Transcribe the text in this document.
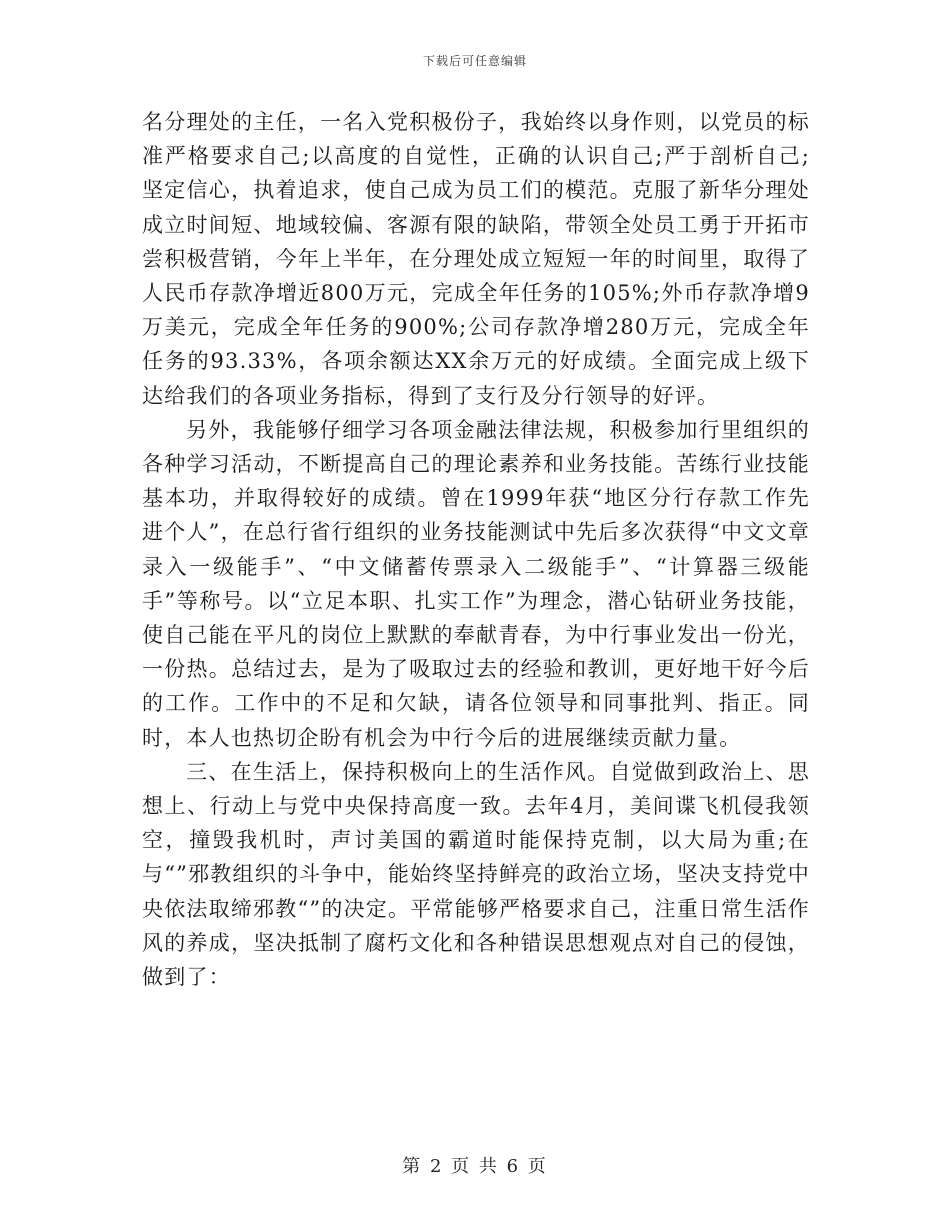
下载后可任意编辑

名分理处的主任，一名入党积极份子，我始终以身作则，以党员的标准严格要求自己;以高度的自觉性，正确的认识自己;严于剖析自己;坚定信心，执着追求，使自己成为员工们的模范。克服了新华分理处成立时间短、地域较偏、客源有限的缺陷，带领全处员工勇于开拓市尝积极营销，今年上半年，在分理处成立短短一年的时间里，取得了人民币存款净增近800万元，完成全年任务的105%;外币存款净增9万美元，完成全年任务的900%;公司存款净增280万元，完成全年任务的93.33%，各项余额达XX余万元的好成绩。全面完成上级下达给我们的各项业务指标，得到了支行及分行领导的好评。

另外，我能够仔细学习各项金融法律法规，积极参加行里组织的各种学习活动，不断提高自己的理论素养和业务技能。苦练行业技能基本功，并取得较好的成绩。曾在1999年获“地区分行存款工作先进个人”，在总行省行组织的业务技能测试中先后多次获得“中文文章录入一级能手”、“中文储蓄传票录入二级能手”、“计算器三级能手”等称号。以“立足本职、扎实工作”为理念，潜心钻研业务技能，使自己能在平凡的岗位上默默的奉献青春，为中行事业发出一份光，一份热。总结过去，是为了吸取过去的经验和教训，更好地干好今后的工作。工作中的不足和欠缺，请各位领导和同事批判、指正。同时，本人也热切企盼有机会为中行今后的进展继续贡献力量。

三、在生活上，保持积极向上的生活作风。自觉做到政治上、思想上、行动上与党中央保持高度一致。去年4月，美间谍飞机侵我领空，撞毁我机时，声讨美国的霸道时能保持克制，以大局为重;在与“”邪教组织的斗争中，能始终坚持鲜亮的政治立场，坚决支持党中央依法取缔邪教“”的决定。平常能够严格要求自己，注重日常生活作风的养成，坚决抵制了腐朽文化和各种错误思想观点对自己的侵蚀，做到了：

第 2 页 共 6 页
